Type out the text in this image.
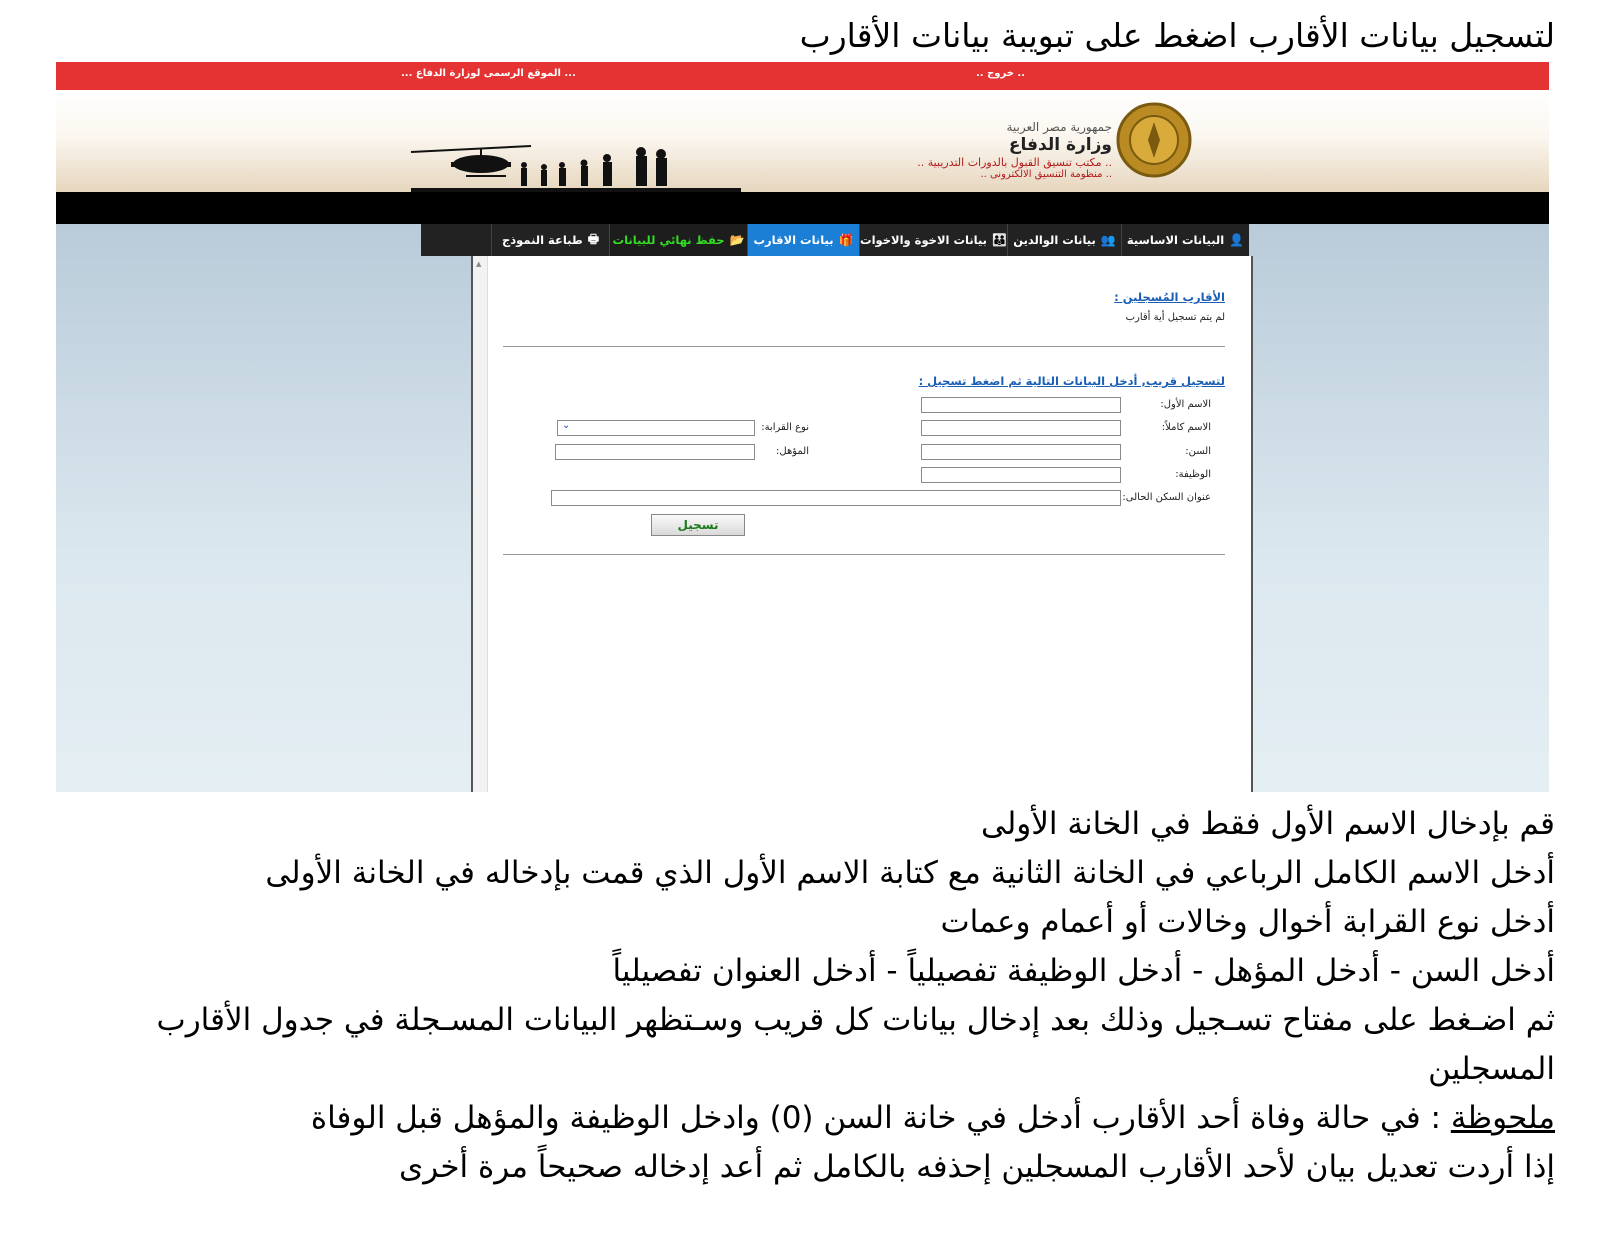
لتسجيل بيانات الأقارب اضغط على تبويبة بيانات الأقارب
... الموقع الرسمى لوزارة الدفاع ...	.. خروج ..
جمهورية مصر العربية
وزارة الدفاع
.. مكتب تنسيق القبول بالدورات التدريبية ..
.. منظومة التنسيق الالكترونى ..
👤
البيانات الاساسية
👥
بيانات الوالدين
👪
بيانات الاخوة والاخوات
🎁
بيانات الاقارب
📂
حفظ نهائي للبيانات
🖶
طباعة النموذج
▲
الأقارب المُسجلين :
لم يتم تسجيل أية أقارب
لتسجيل قريب, أدخل البيانات التالية ثم اضغط تسجيل :
الاسم الأول:
الاسم كاملاً:
السن:
الوظيفة:
عنوان السكن الحالى:
نوع القرابة:
⌄
المؤهل:
تسجيل

قم بإدخال الاسم الأول فقط في الخانة الأولى

أدخل الاسم الكامل الرباعي في الخانة الثانية مع كتابة الاسم الأول الذي قمت بإدخاله في الخانة الأولى

أدخل نوع القرابة أخوال وخالات أو أعمام وعمات

أدخل السن - أدخل المؤهل - أدخل الوظيفة تفصيلياً - أدخل العنوان تفصيلياً

ثم اضـغط على مفتاح تسـجيل وذلك بعد إدخال بيانات كل قريب وسـتظهر البيانات المسـجلة في جدول الأقارب المسجلين

ملحوظة : في حالة وفاة أحد الأقارب أدخل في خانة السن (0) وادخل الوظيفة والمؤهل قبل الوفاة

إذا أردت تعديل بيان لأحد الأقارب المسجلين إحذفه بالكامل ثم أعد إدخاله صحيحاً مرة أخرى
